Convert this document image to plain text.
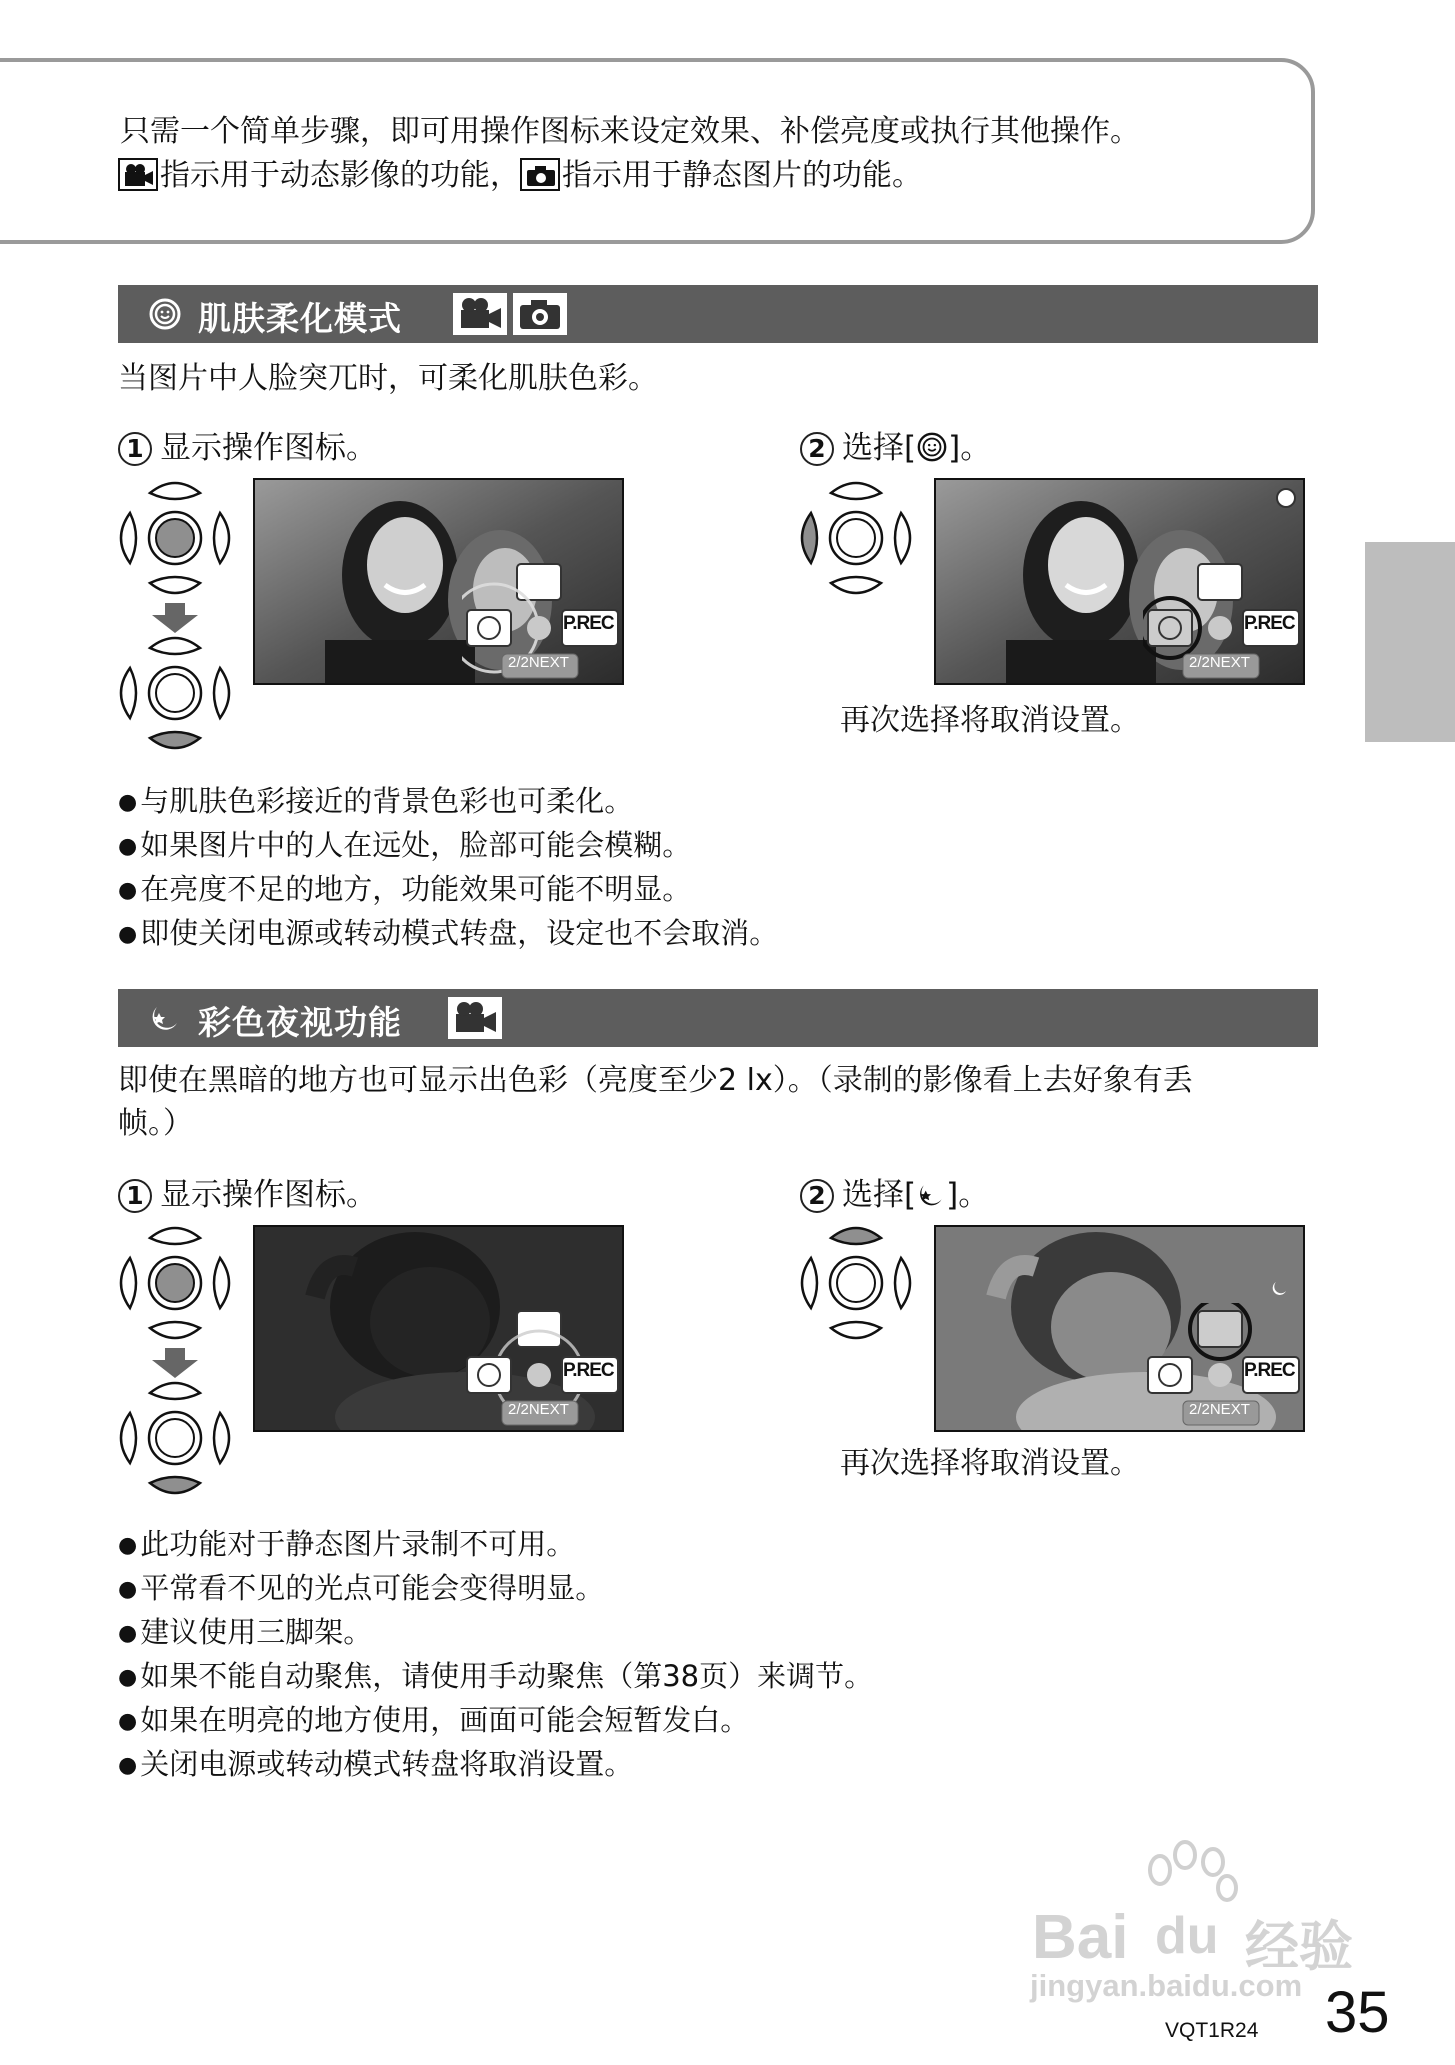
只需一个简单步骤，即可用操作图标来设定效果、补偿亮度或执行其他操作。
指示用于动态影像的功能， 指示用于静态图片的功能。
肌肤柔化模式
当图片中人脸突兀时，可柔化肌肤色彩。
1 显示操作图标。	2 选择[ ]。
P.REC
2/2NEXT
P.REC
2/2NEXT
再次选择将取消设置。
● 与肌肤色彩接近的背景色彩也可柔化。
● 如果图片中的人在远处，脸部可能会模糊。
● 在亮度不足的地方，功能效果可能不明显。
● 即使关闭电源或转动模式转盘，设定也不会取消。
彩色夜视功能
即使在黑暗的地方也可显示出色彩（亮度至少2 lx）。（录制的影像看上去好象有丢
帧。）
1 显示操作图标。	2 选择[ ]。
P.REC
2/2NEXT
P.REC
2/2NEXT
再次选择将取消设置。
● 此功能对于静态图片录制不可用。
● 平常看不见的光点可能会变得明显。
● 建议使用三脚架。
● 如果不能自动聚焦，请使用手动聚焦（第38页）来调节。
● 如果在明亮的地方使用，画面可能会短暂发白。
● 关闭电源或转动模式转盘将取消设置。
Bai du 经验
jingyan.baidu.com
VQT1R24 35
